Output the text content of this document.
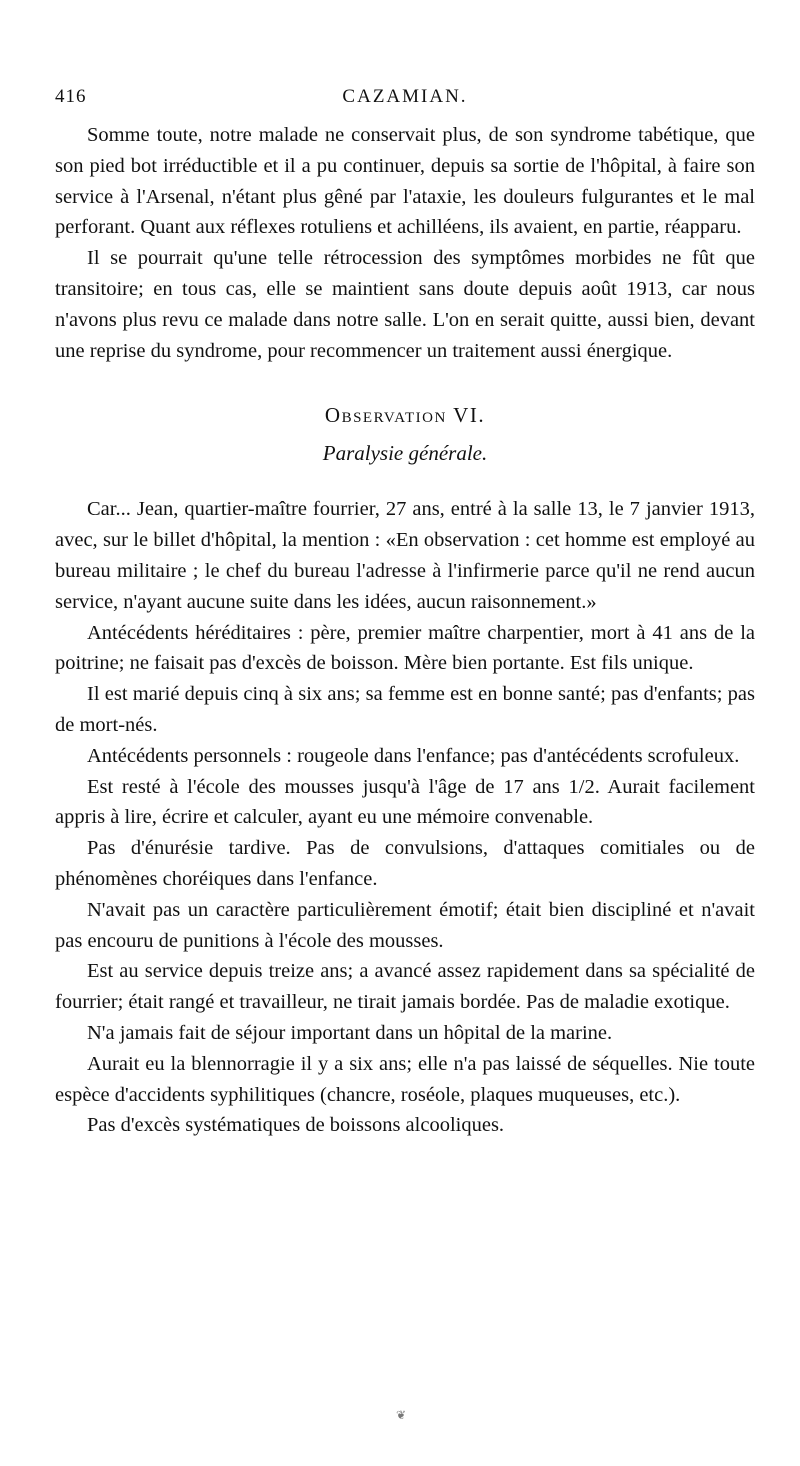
416	CAZAMIAN.

Somme toute, notre malade ne conservait plus, de son syndrome tabétique, que son pied bot irréductible et il a pu continuer, depuis sa sortie de l'hôpital, à faire son service à l'Arsenal, n'étant plus gêné par l'ataxie, les douleurs fulgurantes et le mal perforant. Quant aux réflexes rotuliens et achilléens, ils avaient, en partie, réapparu.

Il se pourrait qu'une telle rétrocession des symptômes morbides ne fût que transitoire; en tous cas, elle se maintient sans doute depuis août 1913, car nous n'avons plus revu ce malade dans notre salle. L'on en serait quitte, aussi bien, devant une reprise du syndrome, pour recommencer un traitement aussi énergique.

Observation VI.
Paralysie générale.

Car... Jean, quartier-maître fourrier, 27 ans, entré à la salle 13, le 7 janvier 1913, avec, sur le billet d'hôpital, la mention : «En observation : cet homme est employé au bureau militaire ; le chef du bureau l'adresse à l'infirmerie parce qu'il ne rend aucun service, n'ayant aucune suite dans les idées, aucun raisonnement.»

Antécédents héréditaires : père, premier maître charpentier, mort à 41 ans de la poitrine; ne faisait pas d'excès de boisson. Mère bien portante. Est fils unique.

Il est marié depuis cinq à six ans; sa femme est en bonne santé; pas d'enfants; pas de mort-nés.

Antécédents personnels : rougeole dans l'enfance; pas d'antécédents scrofuleux.

Est resté à l'école des mousses jusqu'à l'âge de 17 ans 1/2. Aurait facilement appris à lire, écrire et calculer, ayant eu une mémoire convenable.

Pas d'énurésie tardive. Pas de convulsions, d'attaques comitiales ou de phénomènes choréiques dans l'enfance.

N'avait pas un caractère particulièrement émotif; était bien discipliné et n'avait pas encouru de punitions à l'école des mousses.

Est au service depuis treize ans; a avancé assez rapidement dans sa spécialité de fourrier; était rangé et travailleur, ne tirait jamais bordée. Pas de maladie exotique.

N'a jamais fait de séjour important dans un hôpital de la marine.

Aurait eu la blennorragie il y a six ans; elle n'a pas laissé de séquelles. Nie toute espèce d'accidents syphilitiques (chancre, roséole, plaques muqueuses, etc.).

Pas d'excès systématiques de boissons alcooliques.

❦
